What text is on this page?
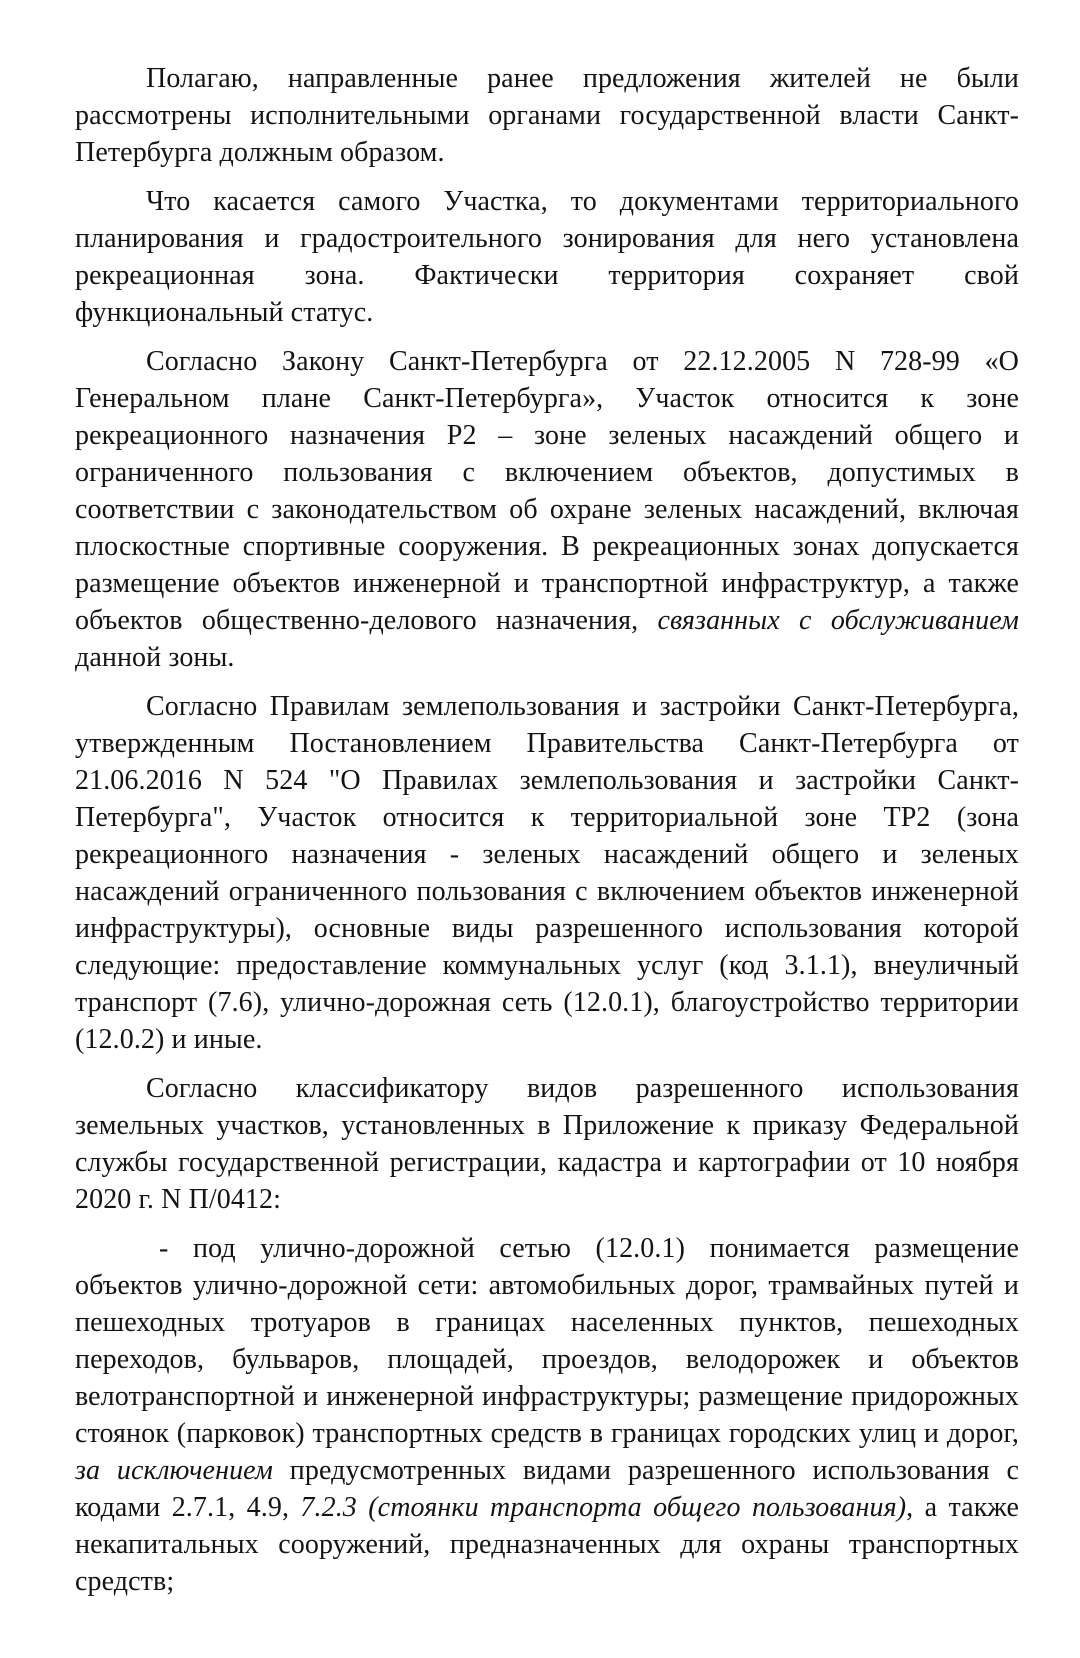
Полагаю, направленные ранее предложения жителей не были рассмотрены исполнительными органами государственной власти Санкт-Петербурга должным образом.

Что касается самого Участка, то документами территориального планирования и градостроительного зонирования для него установлена рекреационная зона. Фактически территория сохраняет свой функциональный статус.

Согласно Закону Санкт-Петербурга от 22.12.2005 N 728-99 «О Генеральном плане Санкт-Петербурга», Участок относится к зоне рекреационного назначения Р2 – зоне зеленых насаждений общего и ограниченного пользования с включением объектов, допустимых в соответствии с законодательством об охране зеленых насаждений, включая плоскостные спортивные сооружения. В рекреационных зонах допускается размещение объектов инженерной и транспортной инфраструктур, а также объектов общественно-делового назначения, связанных с обслуживанием данной зоны.

Согласно Правилам землепользования и застройки Санкт-Петербурга, утвержденным Постановлением Правительства Санкт-Петербурга от 21.06.2016 N 524 "О Правилах землепользования и застройки Санкт-Петербурга", Участок относится к территориальной зоне ТР2 (зона рекреационного назначения - зеленых насаждений общего и зеленых насаждений ограниченного пользования с включением объектов инженерной инфраструктуры), основные виды разрешенного использования которой следующие: предоставление коммунальных услуг (код 3.1.1), внеуличный транспорт (7.6), улично-дорожная сеть (12.0.1), благоустройство территории (12.0.2) и иные.

Согласно классификатору видов разрешенного использования земельных участков, установленных в Приложение к приказу Федеральной службы государственной регистрации, кадастра и картографии от 10 ноября 2020 г. N П/0412:

- под улично-дорожной сетью (12.0.1) понимается размещение объектов улично-дорожной сети: автомобильных дорог, трамвайных путей и пешеходных тротуаров в границах населенных пунктов, пешеходных переходов, бульваров, площадей, проездов, велодорожек и объектов велотранспортной и инженерной инфраструктуры; размещение придорожных стоянок (парковок) транспортных средств в границах городских улиц и дорог, за исключением предусмотренных видами разрешенного использования с кодами 2.7.1, 4.9, 7.2.3 (стоянки транспорта общего пользования), а также некапитальных сооружений, предназначенных для охраны транспортных средств;
